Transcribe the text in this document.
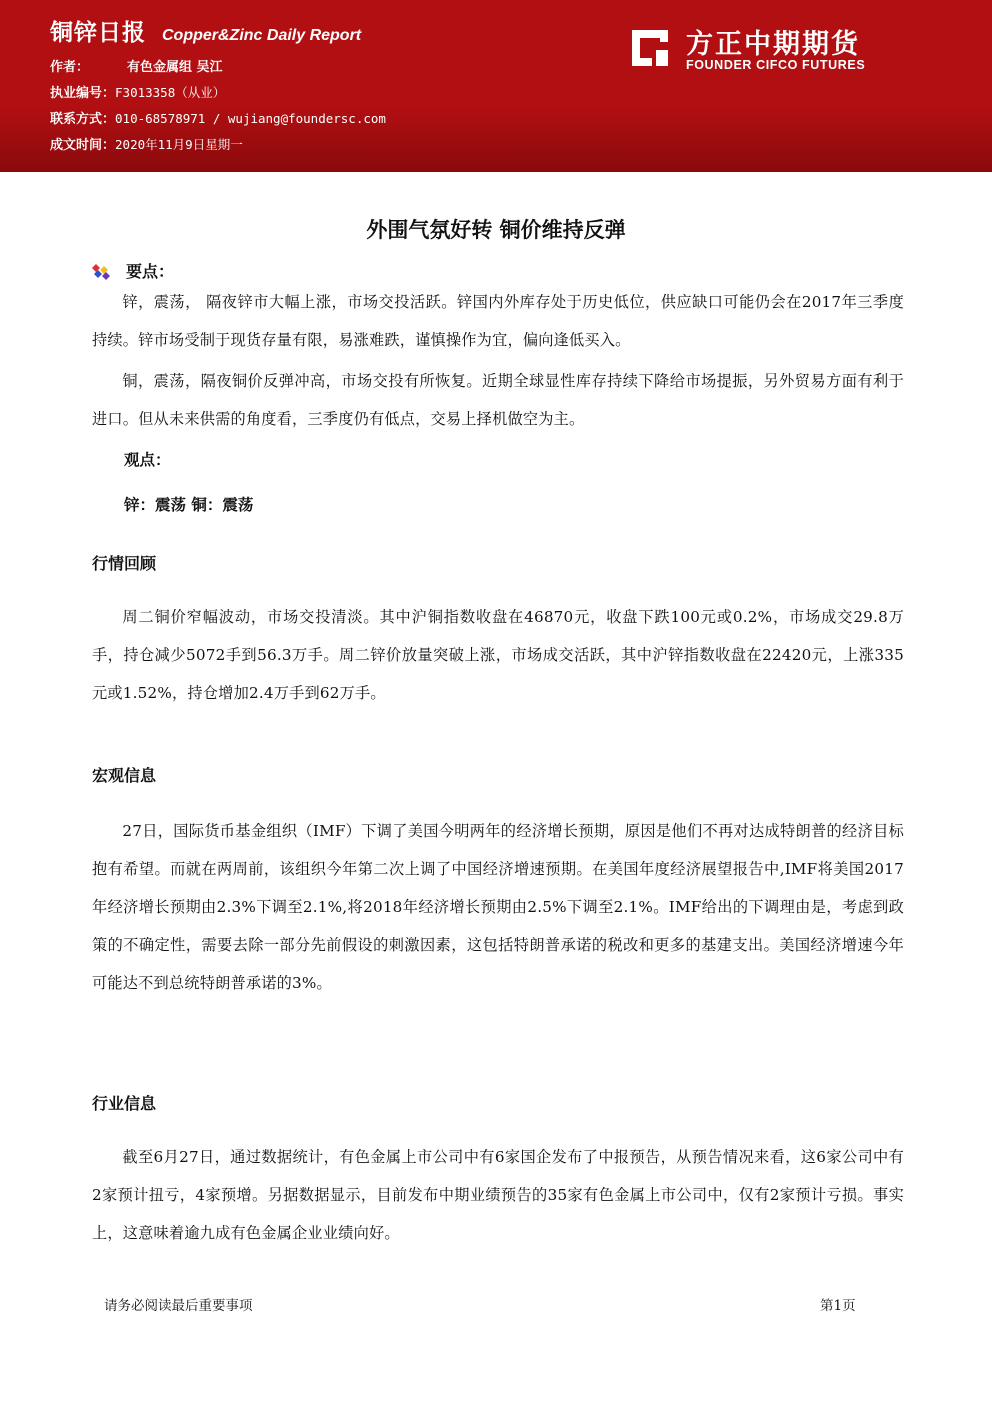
铜锌日报 Copper&Zinc Daily Report
作者：	有色金属组 吴江
执业编号：F3013358（从业）
联系方式：010-68578971 / wujiang@foundersc.com
成文时间：2020年11月9日星期一
方正中期期货
FOUNDER CIFCO FUTURES
外围气氛好转 铜价维持反弹
要点：
锌，震荡， 隔夜锌市大幅上涨，市场交投活跃。锌国内外库存处于历史低位，供应缺口可能仍会在2017年三季度持续。锌市场受制于现货存量有限，易涨难跌，谨慎操作为宜，偏向逢低买入。
铜，震荡，隔夜铜价反弹冲高，市场交投有所恢复。近期全球显性库存持续下降给市场提振，另外贸易方面有利于进口。但从未来供需的角度看，三季度仍有低点，交易上择机做空为主。
观点：
锌：震荡 铜：震荡
行情回顾
周二铜价窄幅波动，市场交投清淡。其中沪铜指数收盘在46870元，收盘下跌100元或0.2%，市场成交29.8万手，持仓减少5072手到56.3万手。周二锌价放量突破上涨，市场成交活跃，其中沪锌指数收盘在22420元，上涨335元或1.52%，持仓增加2.4万手到62万手。
宏观信息
27日，国际货币基金组织（IMF）下调了美国今明两年的经济增长预期，原因是他们不再对达成特朗普的经济目标抱有希望。而就在两周前，该组织今年第二次上调了中国经济增速预期。在美国年度经济展望报告中,IMF将美国2017年经济增长预期由2.3%下调至2.1%,将2018年经济增长预期由2.5%下调至2.1%。IMF给出的下调理由是，考虑到政策的不确定性，需要去除一部分先前假设的刺激因素，这包括特朗普承诺的税改和更多的基建支出。美国经济增速今年可能达不到总统特朗普承诺的3%。
行业信息
截至6月27日，通过数据统计，有色金属上市公司中有6家国企发布了中报预告，从预告情况来看，这6家公司中有2家预计扭亏，4家预增。另据数据显示，目前发布中期业绩预告的35家有色金属上市公司中，仅有2家预计亏损。事实上，这意味着逾九成有色金属企业业绩向好。
请务必阅读最后重要事项	第1页
